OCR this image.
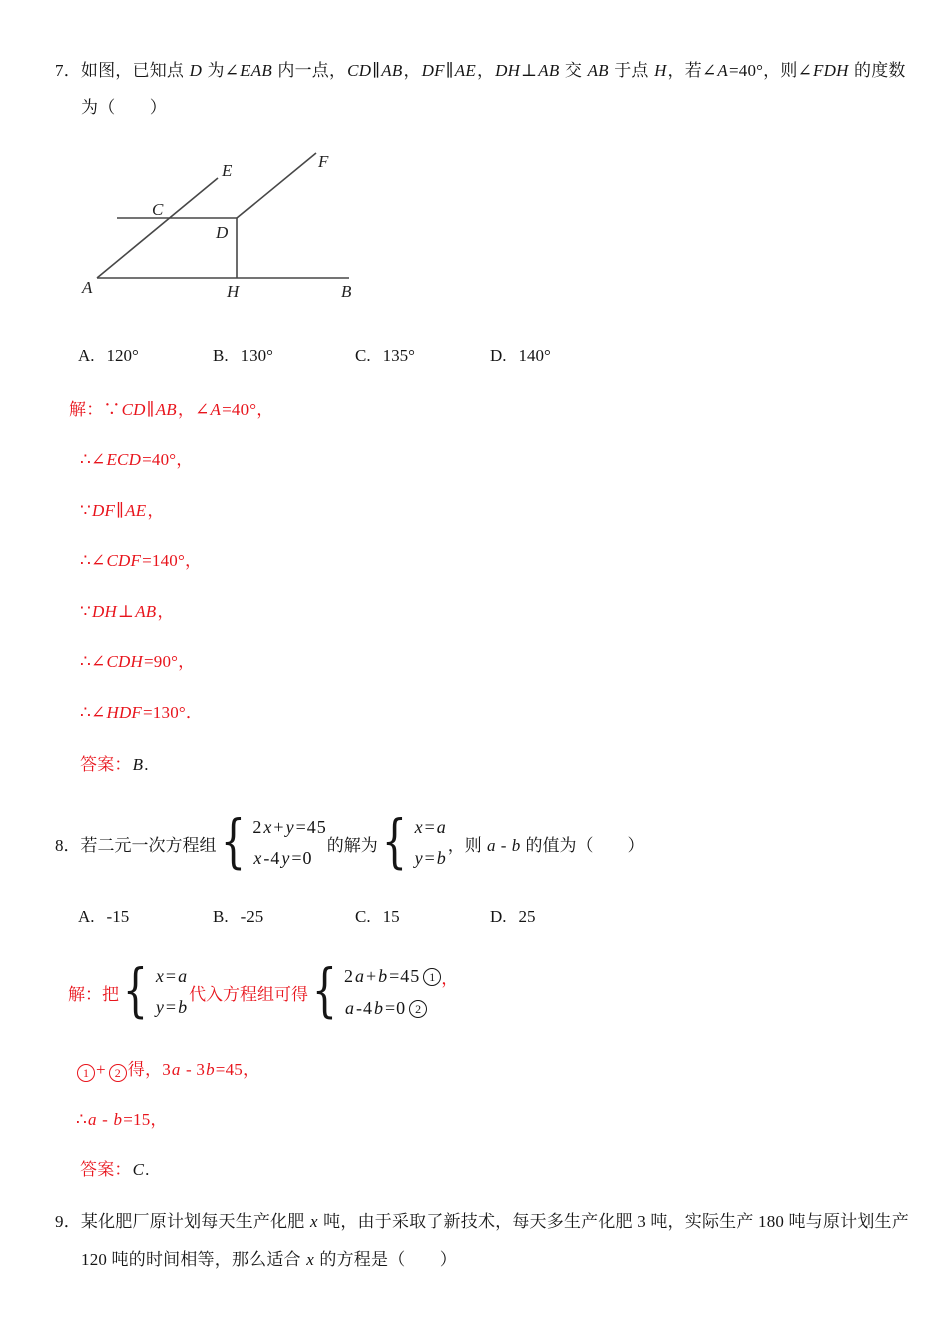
7．如图，已知点 D 为∠EAB 内一点，CD∥AB，DF∥AE，DH⊥AB 交 AB 于点 H，若∠A=40°，则∠FDH 的度数
为（　　）
A	H	B
C
D
E	F
A. 120°	B. 130°	C. 135°	D. 140°
解：∵CD∥AB，∠A=40°，
∴∠ECD=40°，
∵DF∥AE，
∴∠CDF=140°，
∵DH⊥AB，
∴∠CDH=90°，
∴∠HDF=130°．
答案：B.
8．若二元一次方程组 { 2x+y=45
x-4y=0
的解为 { x=a
y=b
，则 a - b 的值为（　　）
A. -15	B. -25	C. 15	D. 25
解：把 { x=a
y=b
代入方程组可得 { 2a+b=45 1 ，
a-4b=0 2
1 + 2 得，3a - 3b=45，
∴a - b=15，
答案：C.
9．某化肥厂原计划每天生产化肥 x 吨，由于采取了新技术，每天多生产化肥 3 吨，实际生产 180 吨与原计划生产
120 吨的时间相等，那么适合 x 的方程是（　　）
